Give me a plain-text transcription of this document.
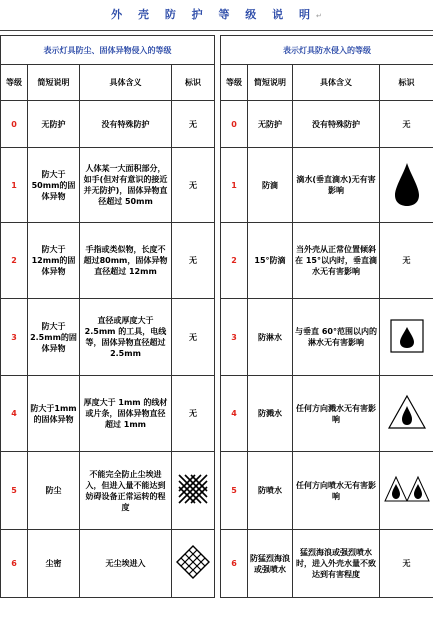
外 壳 防 护 等 级 说 明↵
表示灯具防尘、固体异物侵入的等级					表示灯具防水侵入的等级			
等级	简短说明	具体含义	标识		等级	简短说明	具体含义	标识
0	无防护	没有特殊防护	无		0	无防护	没有特殊防护	无
1	防大于50mm的固体异物	人体某一大面积部分，如手(但对有意识的接近并无防护)，固体异物直径超过 50mm	无		1	防滴	滴水(垂直滴水)无有害影响	
2	防大于12mm的固体异物	手指或类似物，长度不超过80mm，固体异物直径超过 12mm	无		2	15°防滴	当外壳从正常位置倾斜在 15°以内时，垂直滴水无有害影响	无
3	防大于2.5mm的固体异物	直径或厚度大于 2.5mm 的工具，电线等，固体异物直径超过 2.5mm	无		3	防淋水	与垂直 60°范围以内的淋水无有害影响	
4	防大于1mm的固体异物	厚度大于 1mm 的线材或片条，固体异物直径超过 1mm	无		4	防溅水	任何方向溅水无有害影响	
5	防尘	不能完全防止尘埃进入，但进入量不能达到妨碍设备正常运转的程度			5	防喷水	任何方向喷水无有害影响	
6	尘密	无尘埃进入			6	防猛烈海浪或强喷水	猛烈海浪或强烈喷水时，进入外壳水量不致达到有害程度	无
